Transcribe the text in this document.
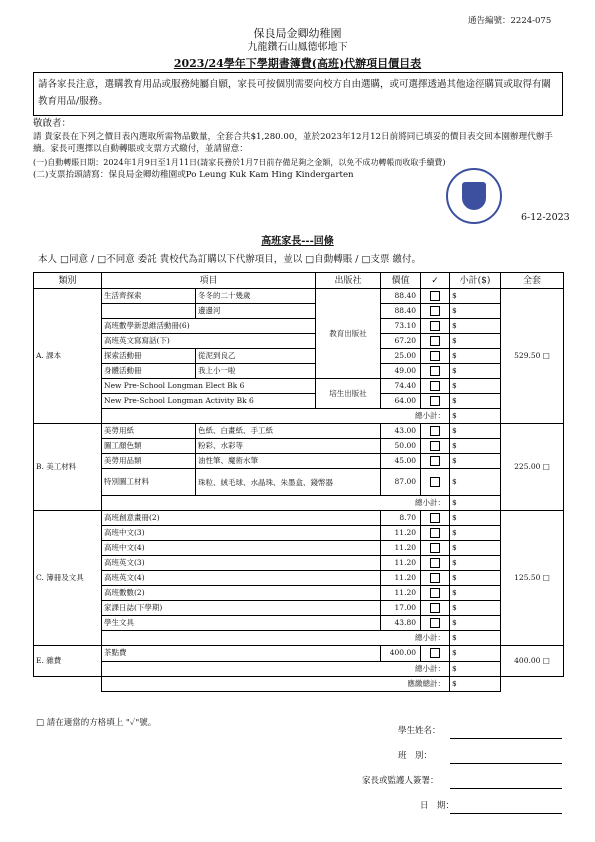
通告編號：2224-075
保良局金卿幼稚園
九龍鑽石山鳳德邨地下
2023/24學年下學期書簿費(高班)代辦項目價目表
請各家長注意，選購教育用品或服務純屬自願，家長可按個別需要向校方自由選購，或可選擇透過其他途徑購買或取得有關教育用品/服務。
敬啟者：
請 貴家長在下列之價目表內選取所需物品數量，全套合共$1,280.00，並於2023年12月12日前將同已填妥的價目表交回本園辦理代辦手續。家長可選擇以自動轉賬或支票方式繳付，並請留意：
(一)自動轉賬日期：2024年1月9日至1月11日(請家長務於1月7日前存備足夠之金額，以免不成功轉帳而收取手續費)
(二)支票抬頭請寫：保良局金卿幼稚園或Po Leung Kuk Kam Hing Kindergarten
6-12-2023
高班家長---回條
本人 □同意 / □不同意 委託 貴校代為訂購以下代辦項目，並以 □自動轉賬 / □支票 繳付。
類別	項目		出版社	價值	✓	小計($)	全套
A. 課本	生活齊探索	冬冬的二十幾歲	教育出版社	88.40		$	529.50 □
		邊邊河		88.40		$	
	高班數學新思維活動冊(6)			73.10		$	
	高班英文寫寫話(下)			67.20		$	
	探索活動冊	從泥到良乙		25.00		$	
	身體活動冊	我上小一啦		49.00		$	
	New Pre-School Longman Elect Bk 6		培生出版社	74.40		$	
	New Pre-School Longman Activity Bk 6			64.00		$	
	總小計：					$	
B. 美工材料	美勞用紙	色紙、白畫紙、手工紙		43.00		$	225.00 □
	圖工顏色類	粉彩、水彩等		50.00		$	
	美勞用品類	油性筆、魔術水筆		45.00		$	
	特別圖工材料	珠粒、絨毛球、水晶珠、朱墨盒、錢幣器		87.00		$	
	總小計：					$	
C. 簿冊及文具	高班創意畫冊(2)			8.70		$	125.50 □
	高班中文(3)			11.20		$	
	高班中文(4)			11.20		$	
	高班英文(3)			11.20		$	
	高班英文(4)			11.20		$	
	高班數數(2)			11.20		$	
	家課日誌(下學期)			17.00		$	
	學生文具			43.80		$	
	總小計：					$	
E. 雜費	茶點費			400.00		$	400.00 □
	總小計：					$	
	應繳總計：					$	
□ 請在適當的方格填上 "✓"號。
學生姓名：
班　別：
家長或監護人簽署：
日　期：
